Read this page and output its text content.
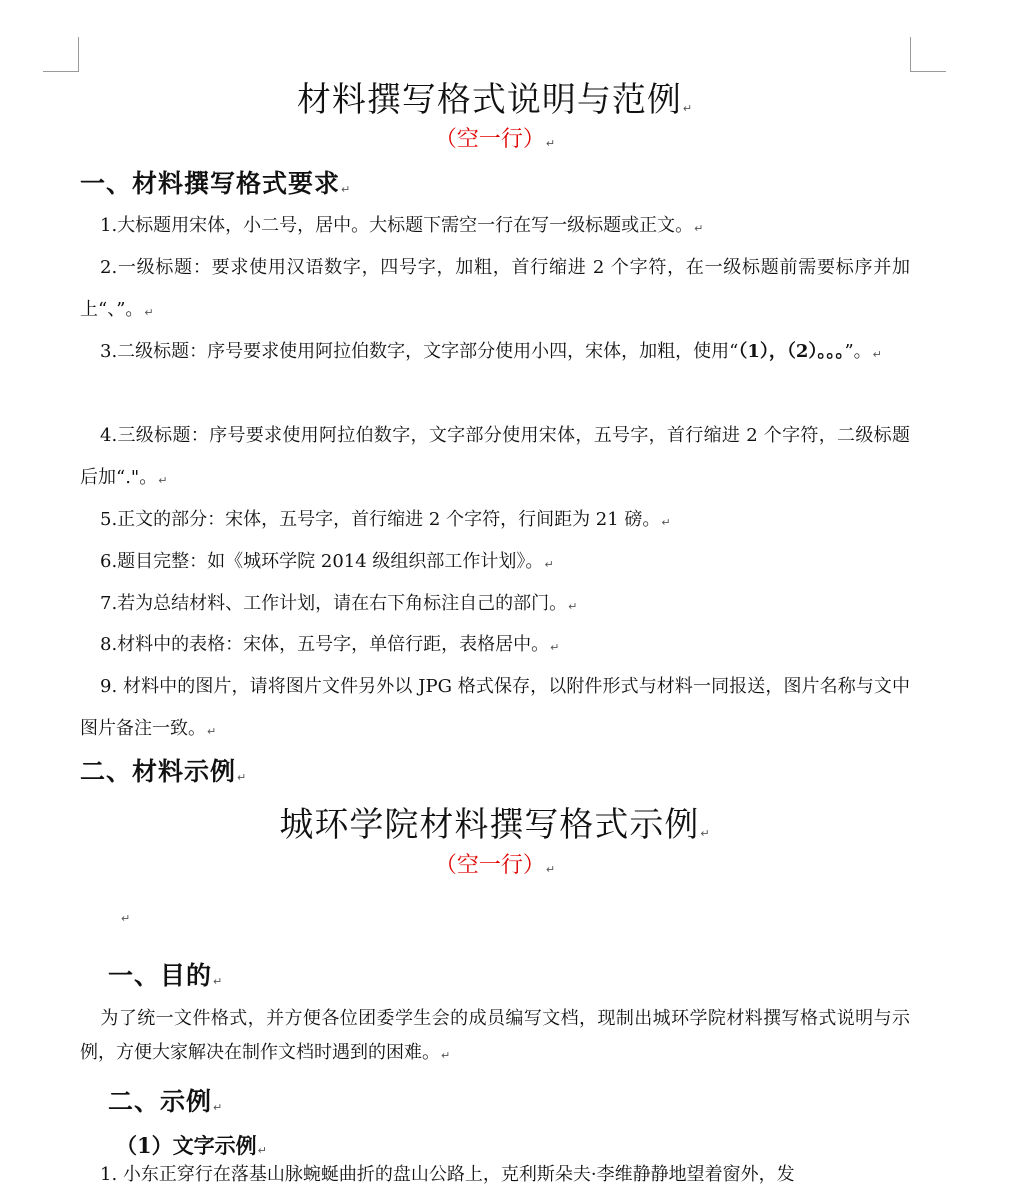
材料撰写格式说明与范例↵

（空一行）↵

一、材料撰写格式要求↵

1.大标题用宋体，小二号，居中。大标题下需空一行在写一级标题或正文。↵

2.一级标题：要求使用汉语数字，四号字，加粗，首行缩进 2 个字符，在一级标题前需要标序并加上“、”。↵

3.二级标题：序号要求使用阿拉伯数字，文字部分使用小四，宋体，加粗，使用“（1），（2）。。。”。↵

4.三级标题：序号要求使用阿拉伯数字，文字部分使用宋体，五号字，首行缩进 2 个字符，二级标题后加“."。↵

5.正文的部分：宋体，五号字，首行缩进 2 个字符，行间距为 21 磅。↵

6.题目完整：如《城环学院 2014 级组织部工作计划》。↵

7.若为总结材料、工作计划，请在右下角标注自己的部门。↵

8.材料中的表格：宋体，五号字，单倍行距，表格居中。↵

9. 材料中的图片，请将图片文件另外以 JPG 格式保存，以附件形式与材料一同报送，图片名称与文中图片备注一致。↵

二、材料示例↵
城环学院材料撰写格式示例↵

（空一行）↵

↵
一、目的↵

为了统一文件格式，并方便各位团委学生会的成员编写文档，现制出城环学院材料撰写格式说明与示例，方便大家解决在制作文档时遇到的困难。↵

二、示例↵
（1）文字示例↵

1. 小东正穿行在落基山脉蜿蜒曲折的盘山公路上，克利斯朵夫·李维静静地望着窗外，发
